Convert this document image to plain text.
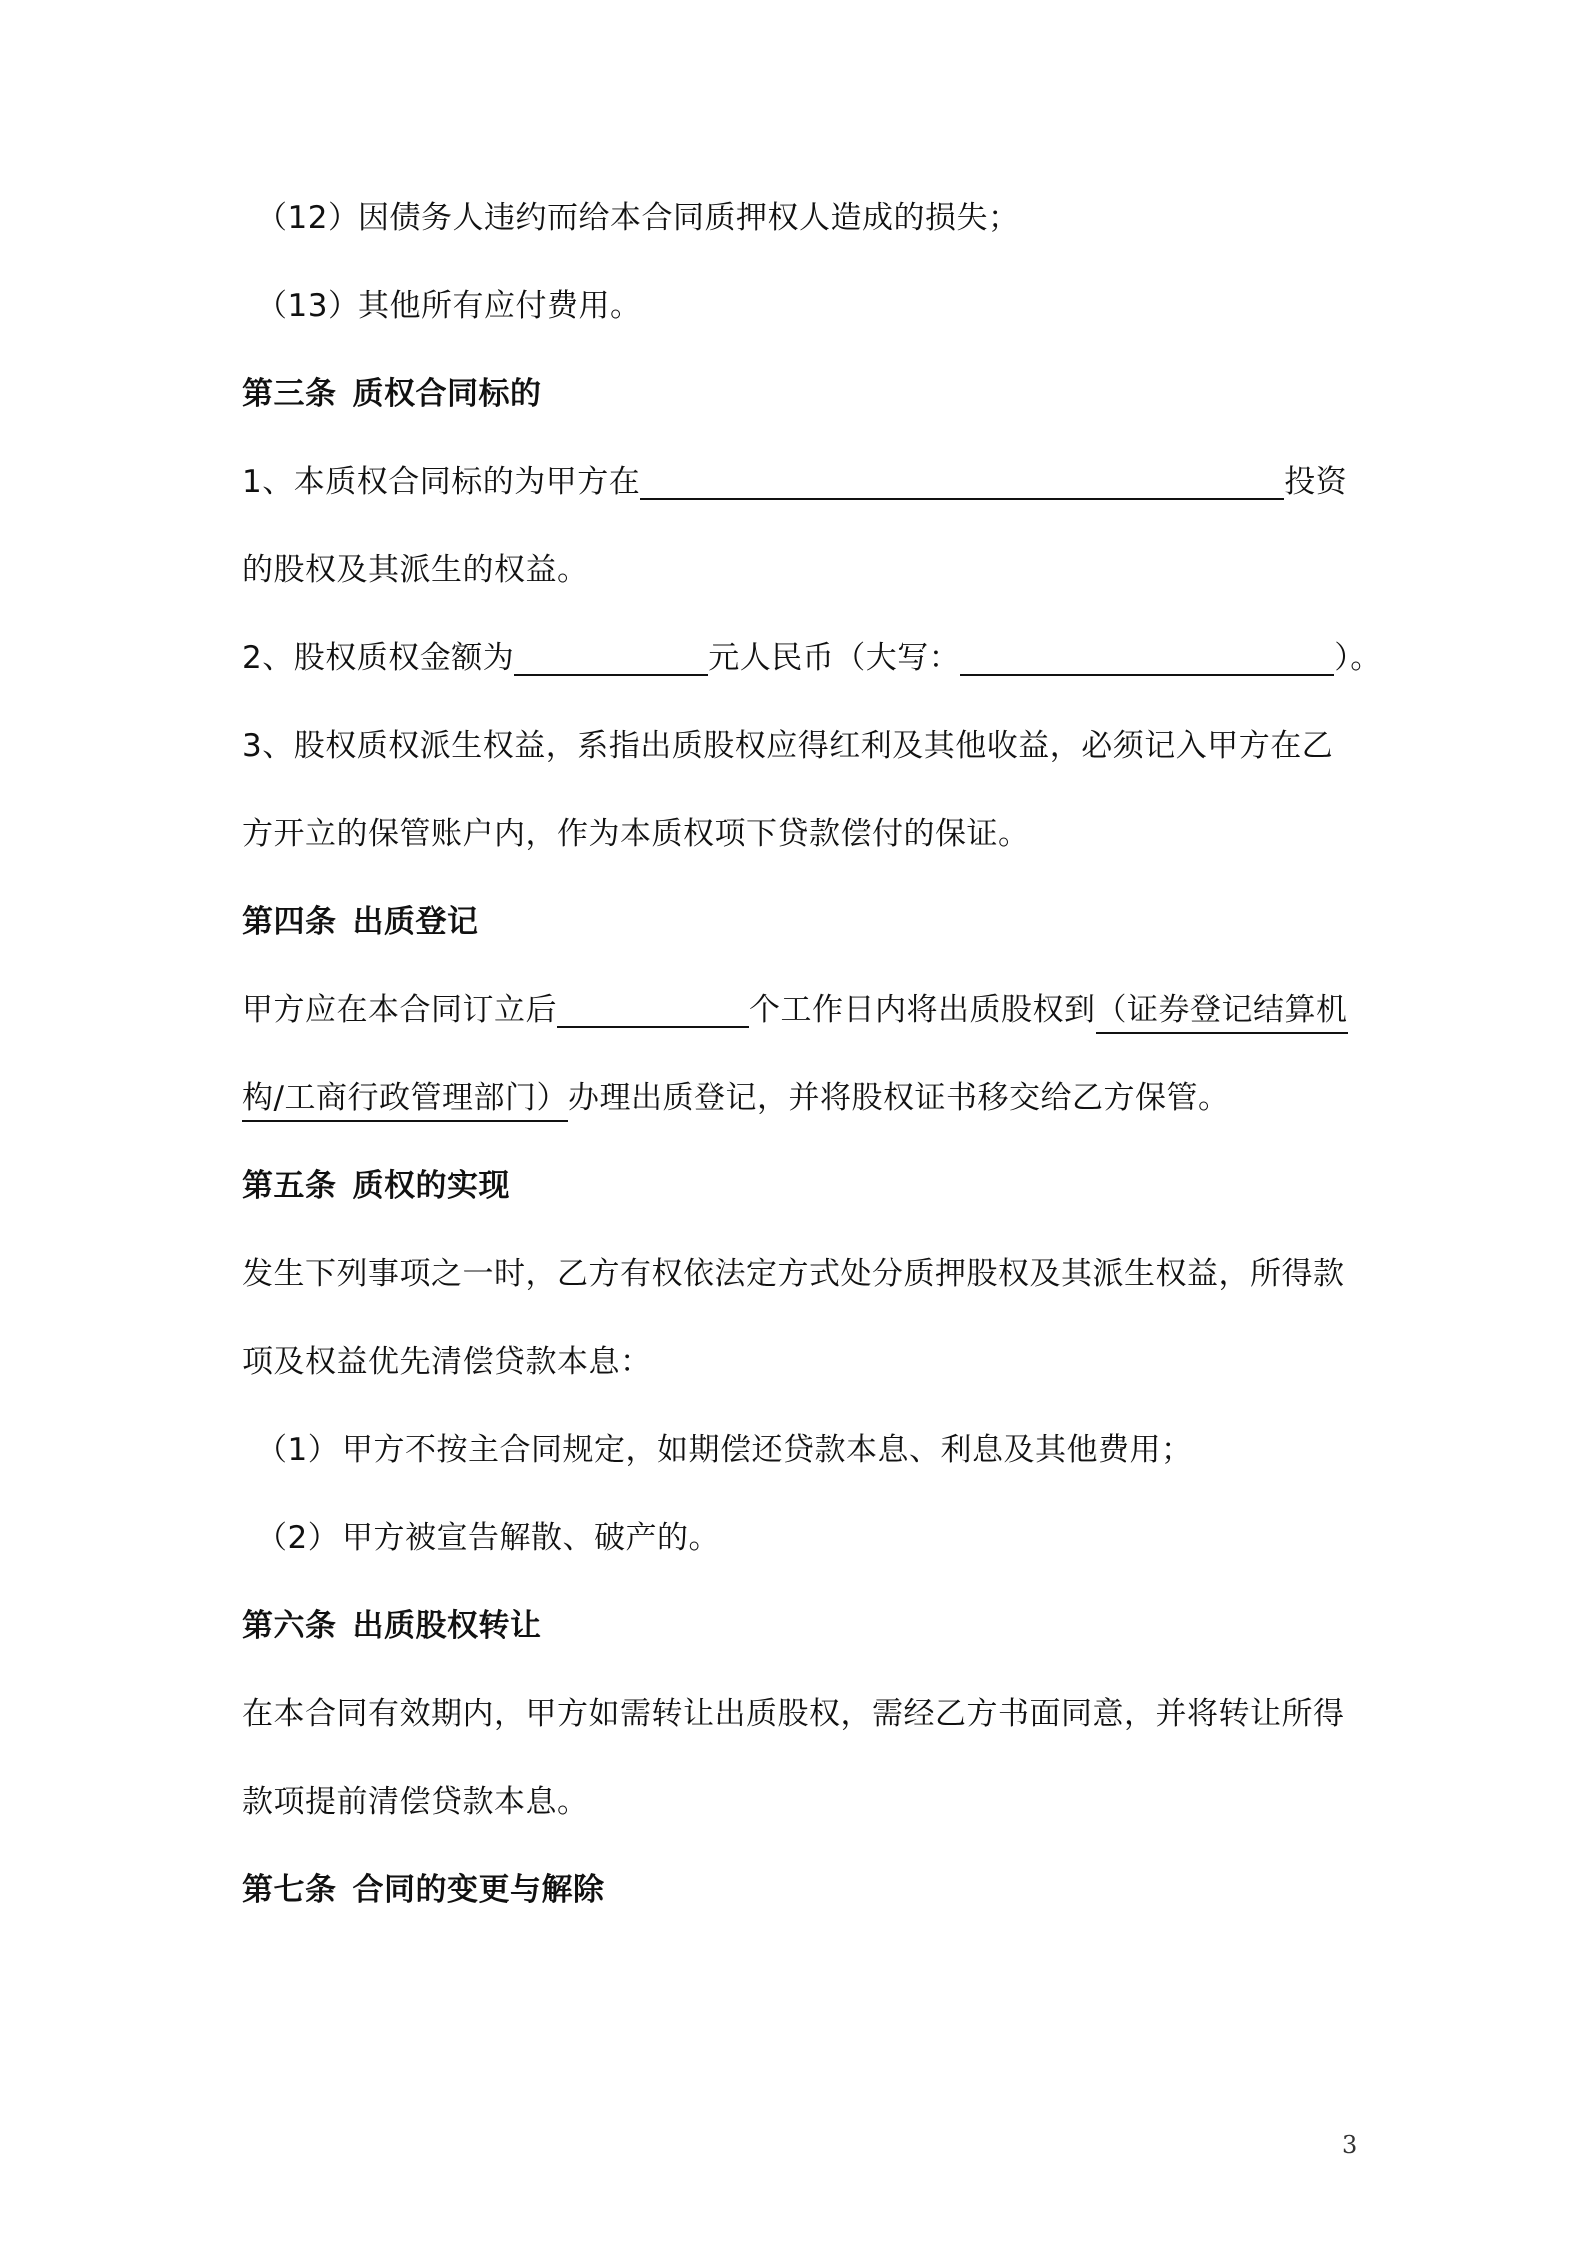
（12）因债务人违约而给本合同质押权人造成的损失；
（13）其他所有应付费用。
第三条 质权合同标的
1、本质权合同标的为甲方在	投资
的股权及其派生的权益。
2、股权质权金额为	元人民币（大写：	）。
3、股权质权派生权益，系指出质股权应得红利及其他收益，必须记入甲方在乙
方开立的保管账户内，作为本质权项下贷款偿付的保证。
第四条 出质登记
甲方应在本合同订立后	个工作日内将出质股权到（证券登记结算机
构/工商行政管理部门）办理出质登记，并将股权证书移交给乙方保管。
第五条 质权的实现
发生下列事项之一时，乙方有权依法定方式处分质押股权及其派生权益，所得款
项及权益优先清偿贷款本息：
（1）甲方不按主合同规定，如期偿还贷款本息、利息及其他费用；
（2）甲方被宣告解散、破产的。
第六条 出质股权转让
在本合同有效期内，甲方如需转让出质股权，需经乙方书面同意，并将转让所得
款项提前清偿贷款本息。
第七条 合同的变更与解除
3
